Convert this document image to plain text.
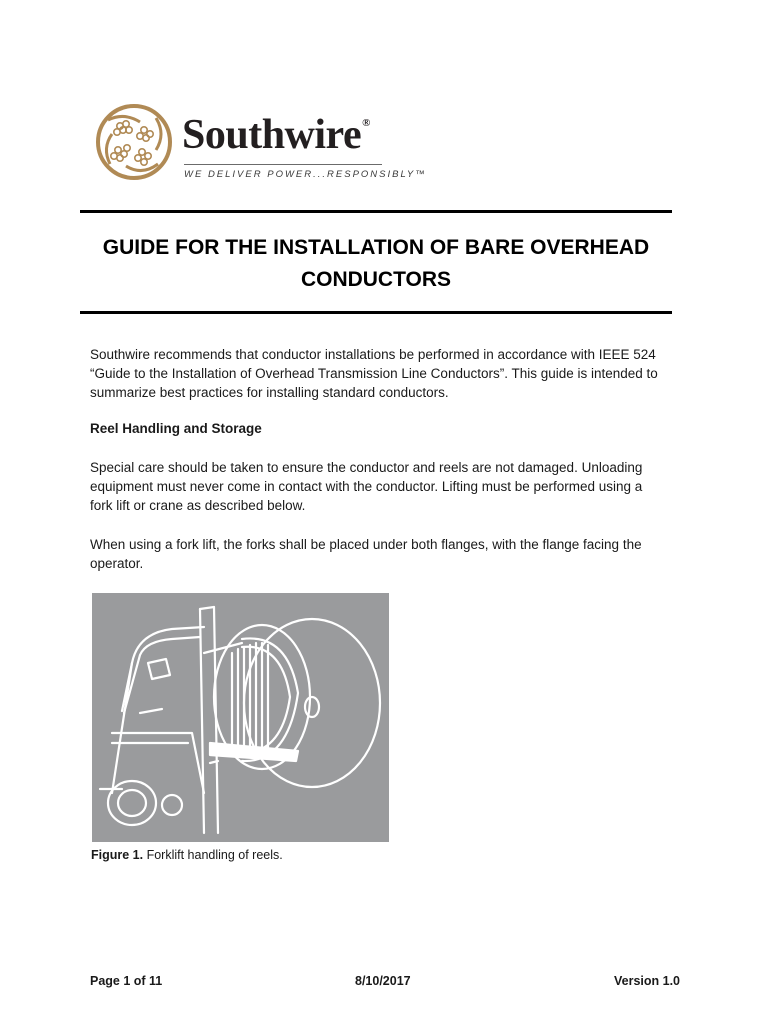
Southwire®
WE DELIVER POWER...RESPONSIBLY™
GUIDE FOR THE INSTALLATION OF BARE OVERHEAD
CONDUCTORS
Southwire recommends that conductor installations be performed in accordance with IEEE 524
“Guide to the Installation of Overhead Transmission Line Conductors”. This guide is intended to
summarize best practices for installing standard conductors.
Reel Handling and Storage
Special care should be taken to ensure the conductor and reels are not damaged. Unloading
equipment must never come in contact with the conductor. Lifting must be performed using a
fork lift or crane as described below.
When using a fork lift, the forks shall be placed under both flanges, with the flange facing the
operator.
Figure 1. Forklift handling of reels.
Page 1 of 11	8/10/2017	Version 1.0
